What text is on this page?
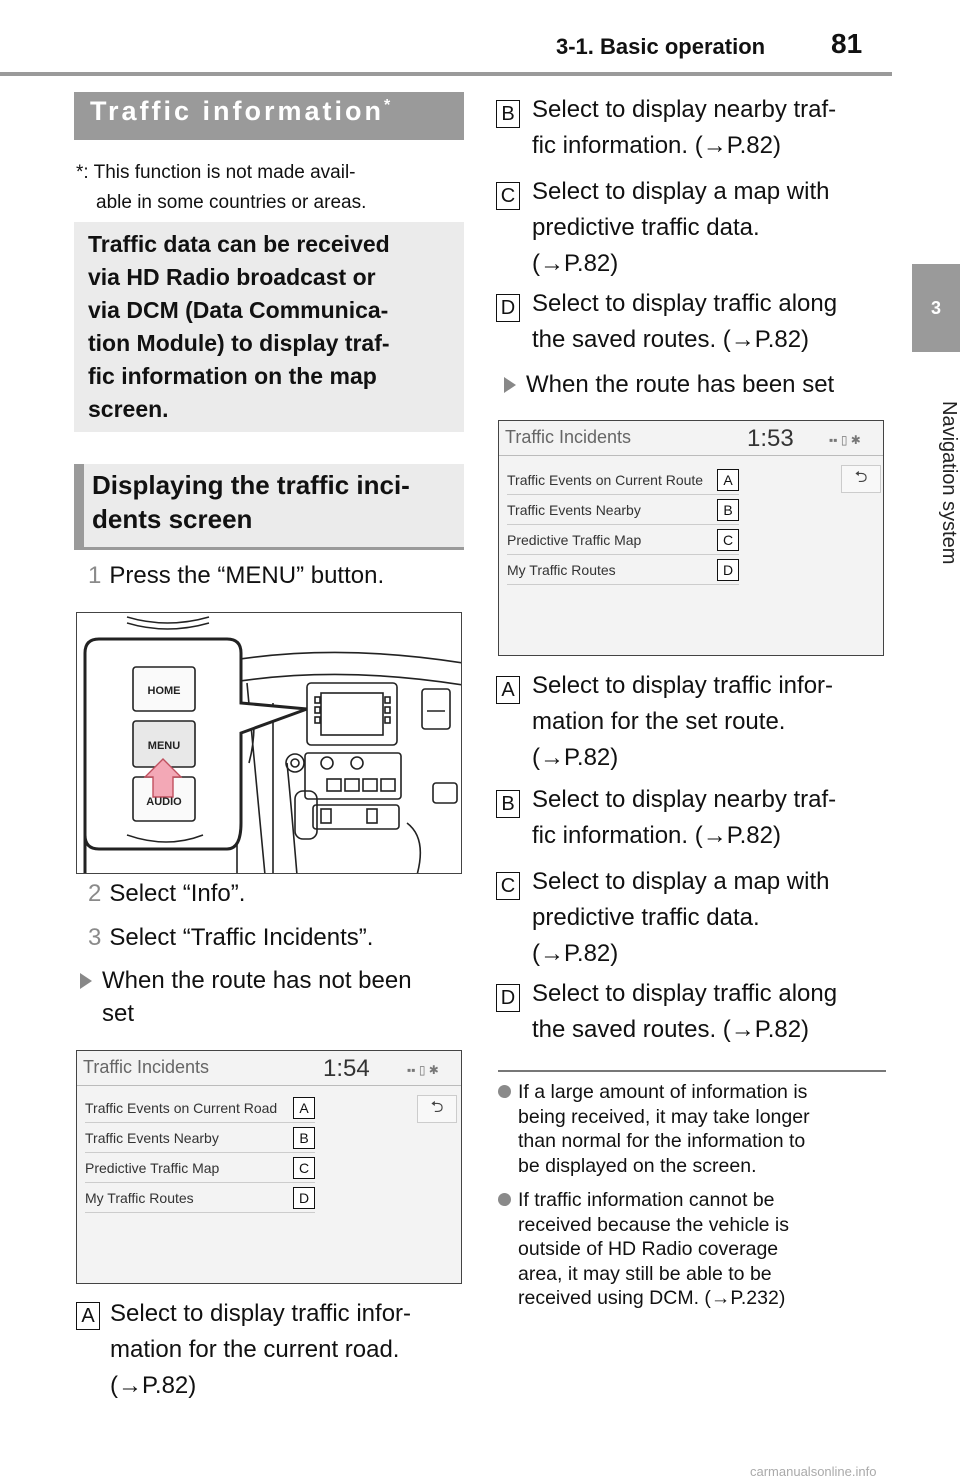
3-1. Basic operation 81
3
Navigation system
Traffic information*
*: This function is not made avail-
able in some countries or areas.
Traffic data can be received
via HD Radio broadcast or
via DCM (Data Communica-
tion Module) to display traf-
fic information on the map
screen.
Displaying the traffic inci-
dents screen
1 Press the “MENU” button.
HOME
MENU
AUDIO
2 Select “Info”.
3 Select “Traffic Incidents”.
When the route has not been
set
Traffic Incidents	1:54	▪▪ ▯ ✱
⮌
Traffic Events on Current Road	A
Traffic Events Nearby	B
Predictive Traffic Map	C
My Traffic Routes	D
A Select to display traffic infor-
mation for the current road.
(→P.82)
B Select to display nearby traf-
fic information. (→P.82)
C Select to display a map with
predictive traffic data.
(→P.82)
D Select to display traffic along
the saved routes. (→P.82)
When the route has been set
Traffic Incidents	1:53	▪▪ ▯ ✱
⮌
Traffic Events on Current Route	A
Traffic Events Nearby	B
Predictive Traffic Map	C
My Traffic Routes	D
A Select to display traffic infor-
mation for the set route.
(→P.82)
B Select to display nearby traf-
fic information. (→P.82)
C Select to display a map with
predictive traffic data.
(→P.82)
D Select to display traffic along
the saved routes. (→P.82)
If a large amount of information is
being received, it may take longer
than normal for the information to
be displayed on the screen.
If traffic information cannot be
received because the vehicle is
outside of HD Radio coverage
area, it may still be able to be
received using DCM. (→P.232)
carmanualsonline.info
